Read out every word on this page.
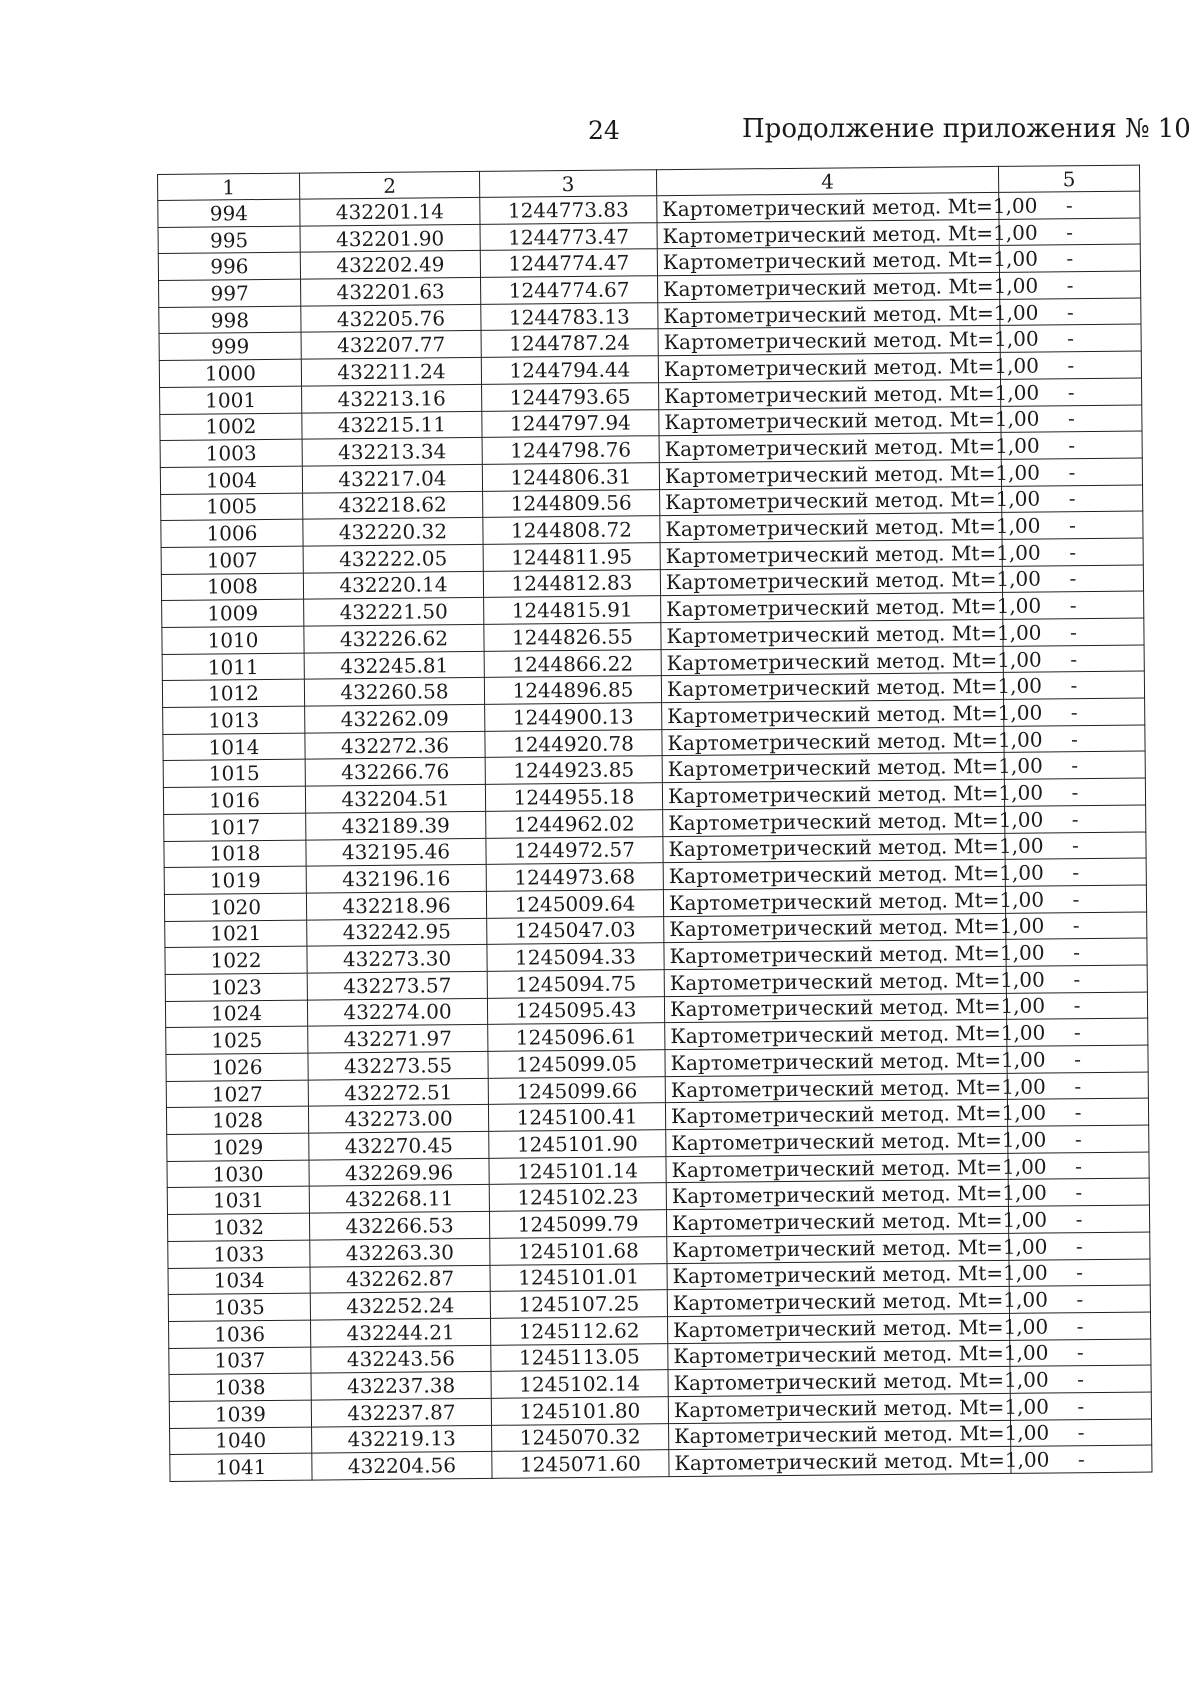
24	Продолжение приложения № 10
1	2	3	4	5
994	432201.14	1244773.83	Картометрический метод. Mt=1,00	-
995	432201.90	1244773.47	Картометрический метод. Mt=1,00	-
996	432202.49	1244774.47	Картометрический метод. Mt=1,00	-
997	432201.63	1244774.67	Картометрический метод. Mt=1,00	-
998	432205.76	1244783.13	Картометрический метод. Mt=1,00	-
999	432207.77	1244787.24	Картометрический метод. Mt=1,00	-
1000	432211.24	1244794.44	Картометрический метод. Mt=1,00	-
1001	432213.16	1244793.65	Картометрический метод. Mt=1,00	-
1002	432215.11	1244797.94	Картометрический метод. Mt=1,00	-
1003	432213.34	1244798.76	Картометрический метод. Mt=1,00	-
1004	432217.04	1244806.31	Картометрический метод. Mt=1,00	-
1005	432218.62	1244809.56	Картометрический метод. Mt=1,00	-
1006	432220.32	1244808.72	Картометрический метод. Mt=1,00	-
1007	432222.05	1244811.95	Картометрический метод. Mt=1,00	-
1008	432220.14	1244812.83	Картометрический метод. Mt=1,00	-
1009	432221.50	1244815.91	Картометрический метод. Mt=1,00	-
1010	432226.62	1244826.55	Картометрический метод. Mt=1,00	-
1011	432245.81	1244866.22	Картометрический метод. Mt=1,00	-
1012	432260.58	1244896.85	Картометрический метод. Mt=1,00	-
1013	432262.09	1244900.13	Картометрический метод. Mt=1,00	-
1014	432272.36	1244920.78	Картометрический метод. Mt=1,00	-
1015	432266.76	1244923.85	Картометрический метод. Mt=1,00	-
1016	432204.51	1244955.18	Картометрический метод. Mt=1,00	-
1017	432189.39	1244962.02	Картометрический метод. Mt=1,00	-
1018	432195.46	1244972.57	Картометрический метод. Mt=1,00	-
1019	432196.16	1244973.68	Картометрический метод. Mt=1,00	-
1020	432218.96	1245009.64	Картометрический метод. Mt=1,00	-
1021	432242.95	1245047.03	Картометрический метод. Mt=1,00	-
1022	432273.30	1245094.33	Картометрический метод. Mt=1,00	-
1023	432273.57	1245094.75	Картометрический метод. Mt=1,00	-
1024	432274.00	1245095.43	Картометрический метод. Mt=1,00	-
1025	432271.97	1245096.61	Картометрический метод. Mt=1,00	-
1026	432273.55	1245099.05	Картометрический метод. Mt=1,00	-
1027	432272.51	1245099.66	Картометрический метод. Mt=1,00	-
1028	432273.00	1245100.41	Картометрический метод. Mt=1,00	-
1029	432270.45	1245101.90	Картометрический метод. Mt=1,00	-
1030	432269.96	1245101.14	Картометрический метод. Mt=1,00	-
1031	432268.11	1245102.23	Картометрический метод. Mt=1,00	-
1032	432266.53	1245099.79	Картометрический метод. Mt=1,00	-
1033	432263.30	1245101.68	Картометрический метод. Mt=1,00	-
1034	432262.87	1245101.01	Картометрический метод. Mt=1,00	-
1035	432252.24	1245107.25	Картометрический метод. Mt=1,00	-
1036	432244.21	1245112.62	Картометрический метод. Mt=1,00	-
1037	432243.56	1245113.05	Картометрический метод. Mt=1,00	-
1038	432237.38	1245102.14	Картометрический метод. Mt=1,00	-
1039	432237.87	1245101.80	Картометрический метод. Mt=1,00	-
1040	432219.13	1245070.32	Картометрический метод. Mt=1,00	-
1041	432204.56	1245071.60	Картометрический метод. Mt=1,00	-
